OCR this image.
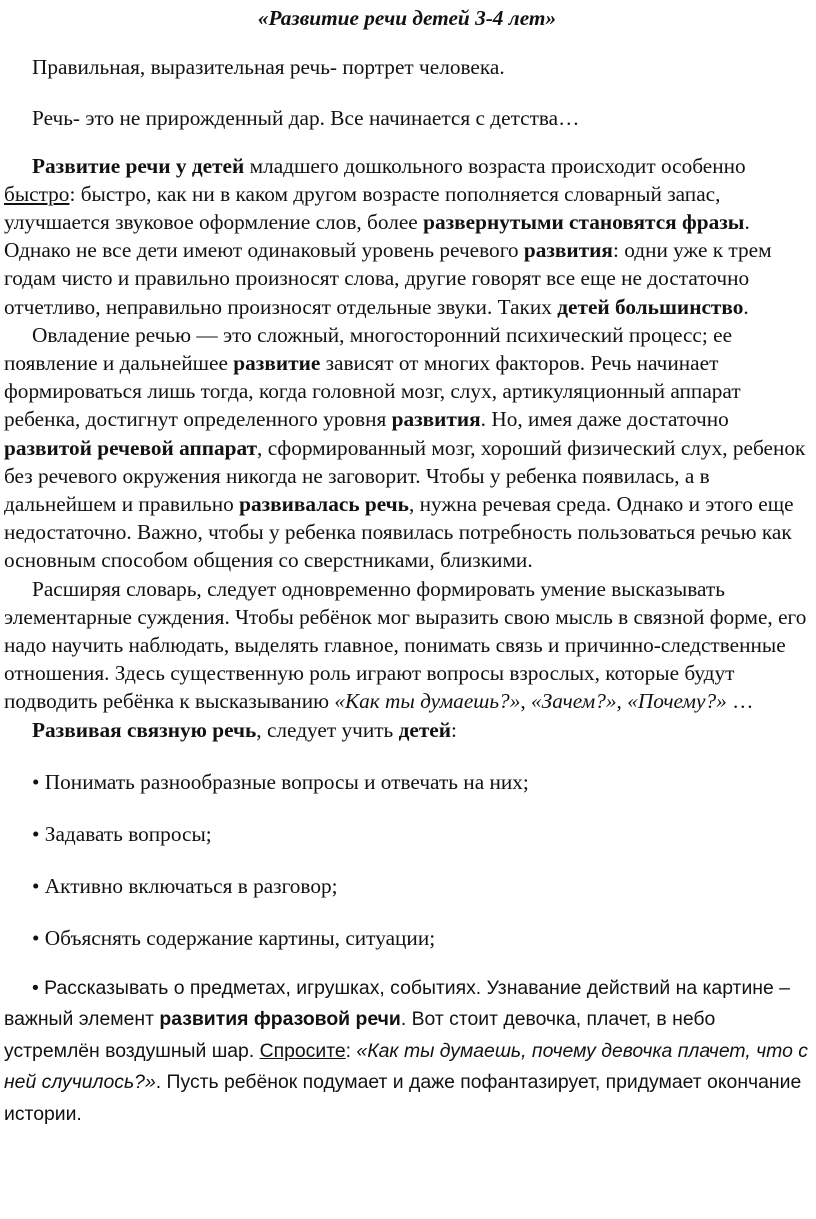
«Развитие речи детей 3-4 лет»

Правильная, выразительная речь- портрет человека.

Речь- это не прирожденный дар. Все начинается с детства…

Развитие речи у детей младшего дошкольного возраста происходит особенно быстро: быстро, как ни в каком другом возрасте пополняется словарный запас, улучшается звуковое оформление слов, более развернутыми становятся фразы. Однако не все дети имеют одинаковый уровень речевого развития: одни уже к трем годам чисто и правильно произносят слова, другие говорят все еще не достаточно отчетливо, неправильно произносят отдельные звуки. Таких детей большинство.

Овладение речью — это сложный, многосторонний психический процесс; ее появление и дальнейшее развитие зависят от многих факторов. Речь начинает формироваться лишь тогда, когда головной мозг, слух, артикуляционный аппарат ребенка, достигнут определенного уровня развития. Но, имея даже достаточно развитой речевой аппарат, сформированный мозг, хороший физический слух, ребенок без речевого окружения никогда не заговорит. Чтобы у ребенка появилась, а в дальнейшем и правильно развивалась речь, нужна речевая среда. Однако и этого еще недостаточно. Важно, чтобы у ребенка появилась потребность пользоваться речью как основным способом общения со сверстниками, близкими.

Расширяя словарь, следует одновременно формировать умение высказывать элементарные суждения. Чтобы ребёнок мог выразить свою мысль в связной форме, его надо научить наблюдать, выделять главное, понимать связь и причинно-следственные отношения. Здесь существенную роль играют вопросы взрослых, которые будут подводить ребёнка к высказыванию «Как ты думаешь?», «Зачем?», «Почему?» …

Развивая связную речь, следует учить детей:

• Понимать разнообразные вопросы и отвечать на них;

• Задавать вопросы;

• Активно включаться в разговор;

• Объяснять содержание картины, ситуации;

• Рассказывать о предметах, игрушках, событиях. Узнавание действий на картине – важный элемент развития фразовой речи. Вот стоит девочка, плачет, в небо устремлён воздушный шар. Спросите: «Как ты думаешь, почему девочка плачет, что с ней случилось?». Пусть ребёнок подумает и даже пофантазирует, придумает окончание истории.
